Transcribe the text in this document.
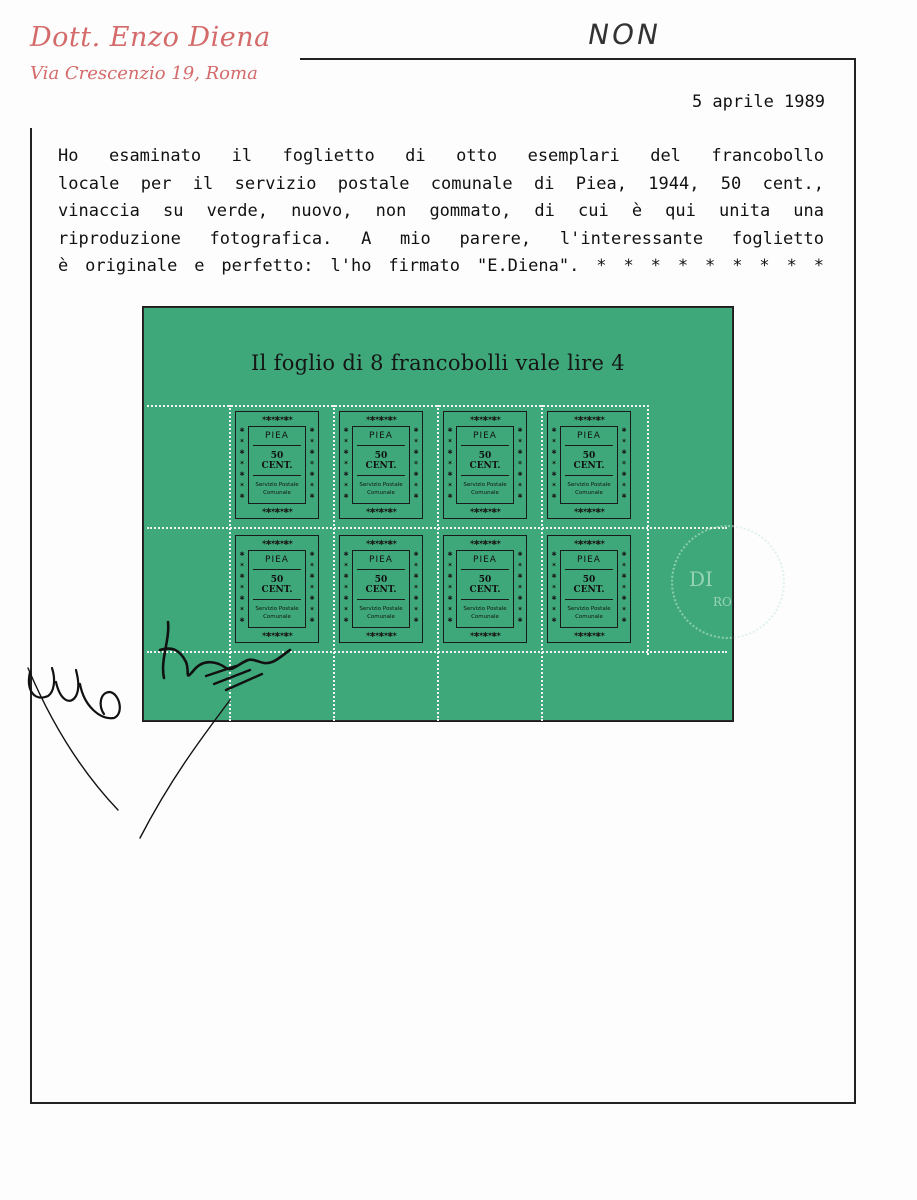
Dott. Enzo Diena
Via Crescenzio 19, Roma
NON
5 aprile 1989
Ho esaminato il foglietto di otto esemplari del francobollo
locale per il servizio postale comunale di Piea, 1944, 50 cent.,
vinaccia su verde, nuovo, non gommato, di cui è qui unita una
riproduzione fotografica. A mio parere, l'interessante foglietto
è originale e perfetto: l'ho firmato "E.Diena". * * * * * * * * *
Il foglio di 8 francobolli vale lire 4
✶✱✶✱✶✱✶
✶✱✶✱✶✱✶
✱
✶
✱
✶
✱
✶
✱
✱
✶
✱
✶
✱
✶
✱
PIEA
50
CENT.
Servizio Postale
Comunale
✶✱✶✱✶✱✶
✶✱✶✱✶✱✶
✱
✶
✱
✶
✱
✶
✱
✱
✶
✱
✶
✱
✶
✱
PIEA
50
CENT.
Servizio Postale
Comunale
✶✱✶✱✶✱✶
✶✱✶✱✶✱✶
✱
✶
✱
✶
✱
✶
✱
✱
✶
✱
✶
✱
✶
✱
PIEA
50
CENT.
Servizio Postale
Comunale
✶✱✶✱✶✱✶
✶✱✶✱✶✱✶
✱
✶
✱
✶
✱
✶
✱
✱
✶
✱
✶
✱
✶
✱
PIEA
50
CENT.
Servizio Postale
Comunale
✶✱✶✱✶✱✶
✶✱✶✱✶✱✶
✱
✶
✱
✶
✱
✶
✱
✱
✶
✱
✶
✱
✶
✱
PIEA
50
CENT.
Servizio Postale
Comunale
✶✱✶✱✶✱✶
✶✱✶✱✶✱✶
✱
✶
✱
✶
✱
✶
✱
✱
✶
✱
✶
✱
✶
✱
PIEA
50
CENT.
Servizio Postale
Comunale
✶✱✶✱✶✱✶
✶✱✶✱✶✱✶
✱
✶
✱
✶
✱
✶
✱
✱
✶
✱
✶
✱
✶
✱
PIEA
50
CENT.
Servizio Postale
Comunale
✶✱✶✱✶✱✶
✶✱✶✱✶✱✶
✱
✶
✱
✶
✱
✶
✱
✱
✶
✱
✶
✱
✶
✱
PIEA
50
CENT.
Servizio Postale
Comunale
DI
RO
